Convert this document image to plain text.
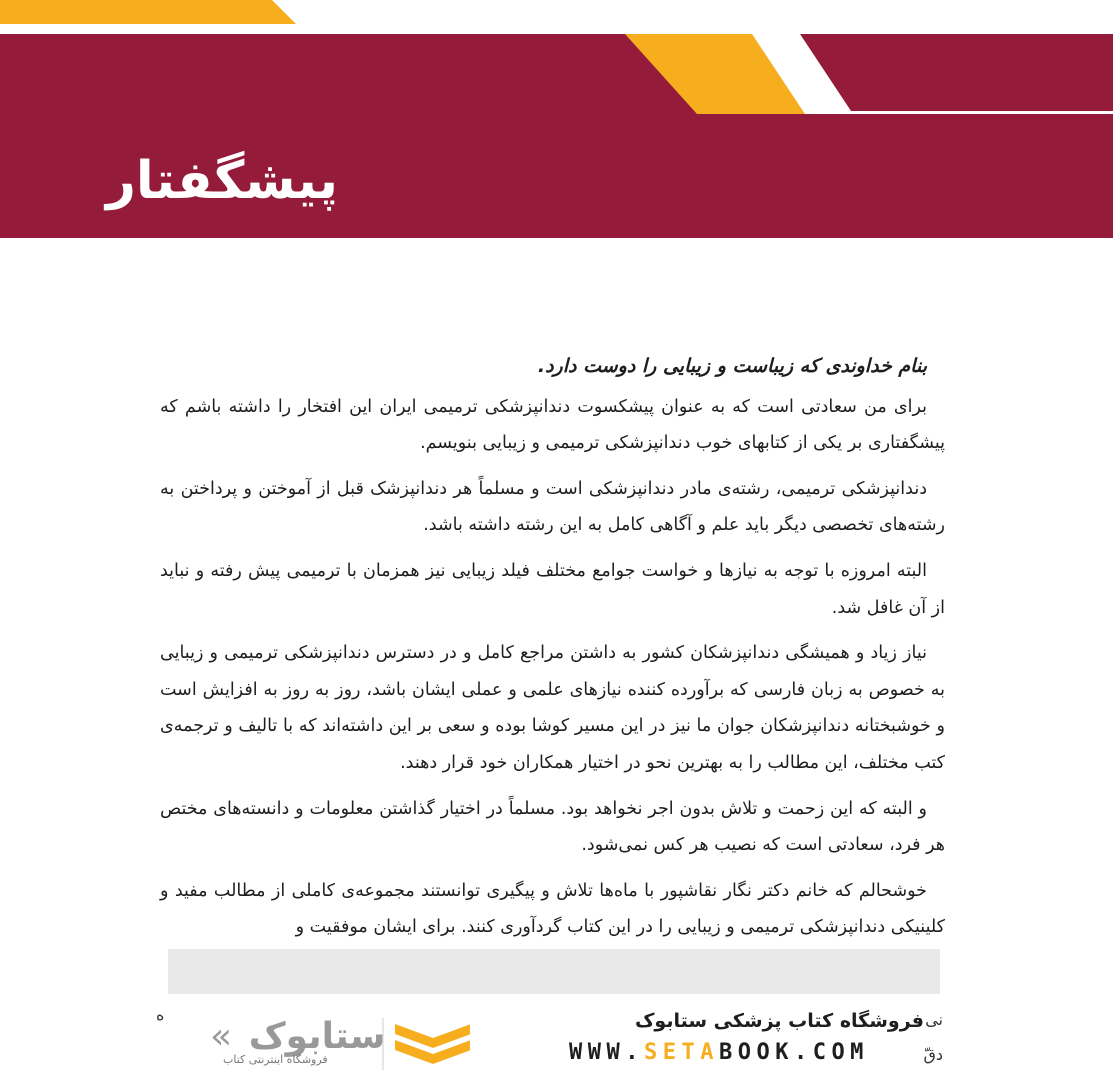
پیشگفتار

بنام خداوندی که زیباست و زیبایی را دوست دارد.

برای من سعادتی است که به عنوان پیشکسوت دندانپزشکی ترمیمی ایران این افتخار را داشته باشم که پیشگفتاری بر یکی از کتابهای خوب دندانپزشکی ترمیمی و زیبایی بنویسم.

دندانپزشکی ترمیمی، رشته‌ی مادر دندانپزشکی است و مسلماً هر دندانپزشک قبل از آموختن و پرداختن به رشته‌های تخصصی دیگر باید علم و آگاهی کامل به این رشته داشته باشد.

البته امروزه با توجه به نیازها و خواست جوامع مختلف فیلد زیبایی نیز همزمان با ترمیمی پیش رفته و نباید از آن غافل شد.

نیاز زیاد و همیشگی دندانپزشکان کشور به داشتن مراجع کامل و در دسترس دندانپزشکی ترمیمی و زیبایی به خصوص به زبان فارسی که برآورده کننده نیازهای علمی و عملی ایشان باشد، روز به روز به افزایش است و خوشبختانه دندانپزشکان جوان ما نیز در این مسیر کوشا بوده و سعی بر این داشته‌اند که با تالیف و ترجمه‌ی کتب مختلف، این مطالب را به بهترین نحو در اختیار همکاران خود قرار دهند.

و البته که این زحمت و تلاش بدون اجر نخواهد بود. مسلماً در اختیار گذاشتن معلومات و دانسته‌های مختص هر فرد، سعادتی است که نصیب هر کس نمی‌شود.

خوشحالم که خانم دکتر نگار نقاشپور با ماه‌ها تلاش و پیگیری توانستند مجموعه‌ی کاملی از مطالب مفید و کلینیکی دندانپزشکی ترمیمی و زیبایی را در این کتاب گردآوری کنند. برای ایشان موفقیت و

ه	نی
دقّ
« ستابوک
فروشگاه اینترنتی کتاب
فروشگاه کتاب پزشکی ستابوک
WWW.SETABOOK.COM
